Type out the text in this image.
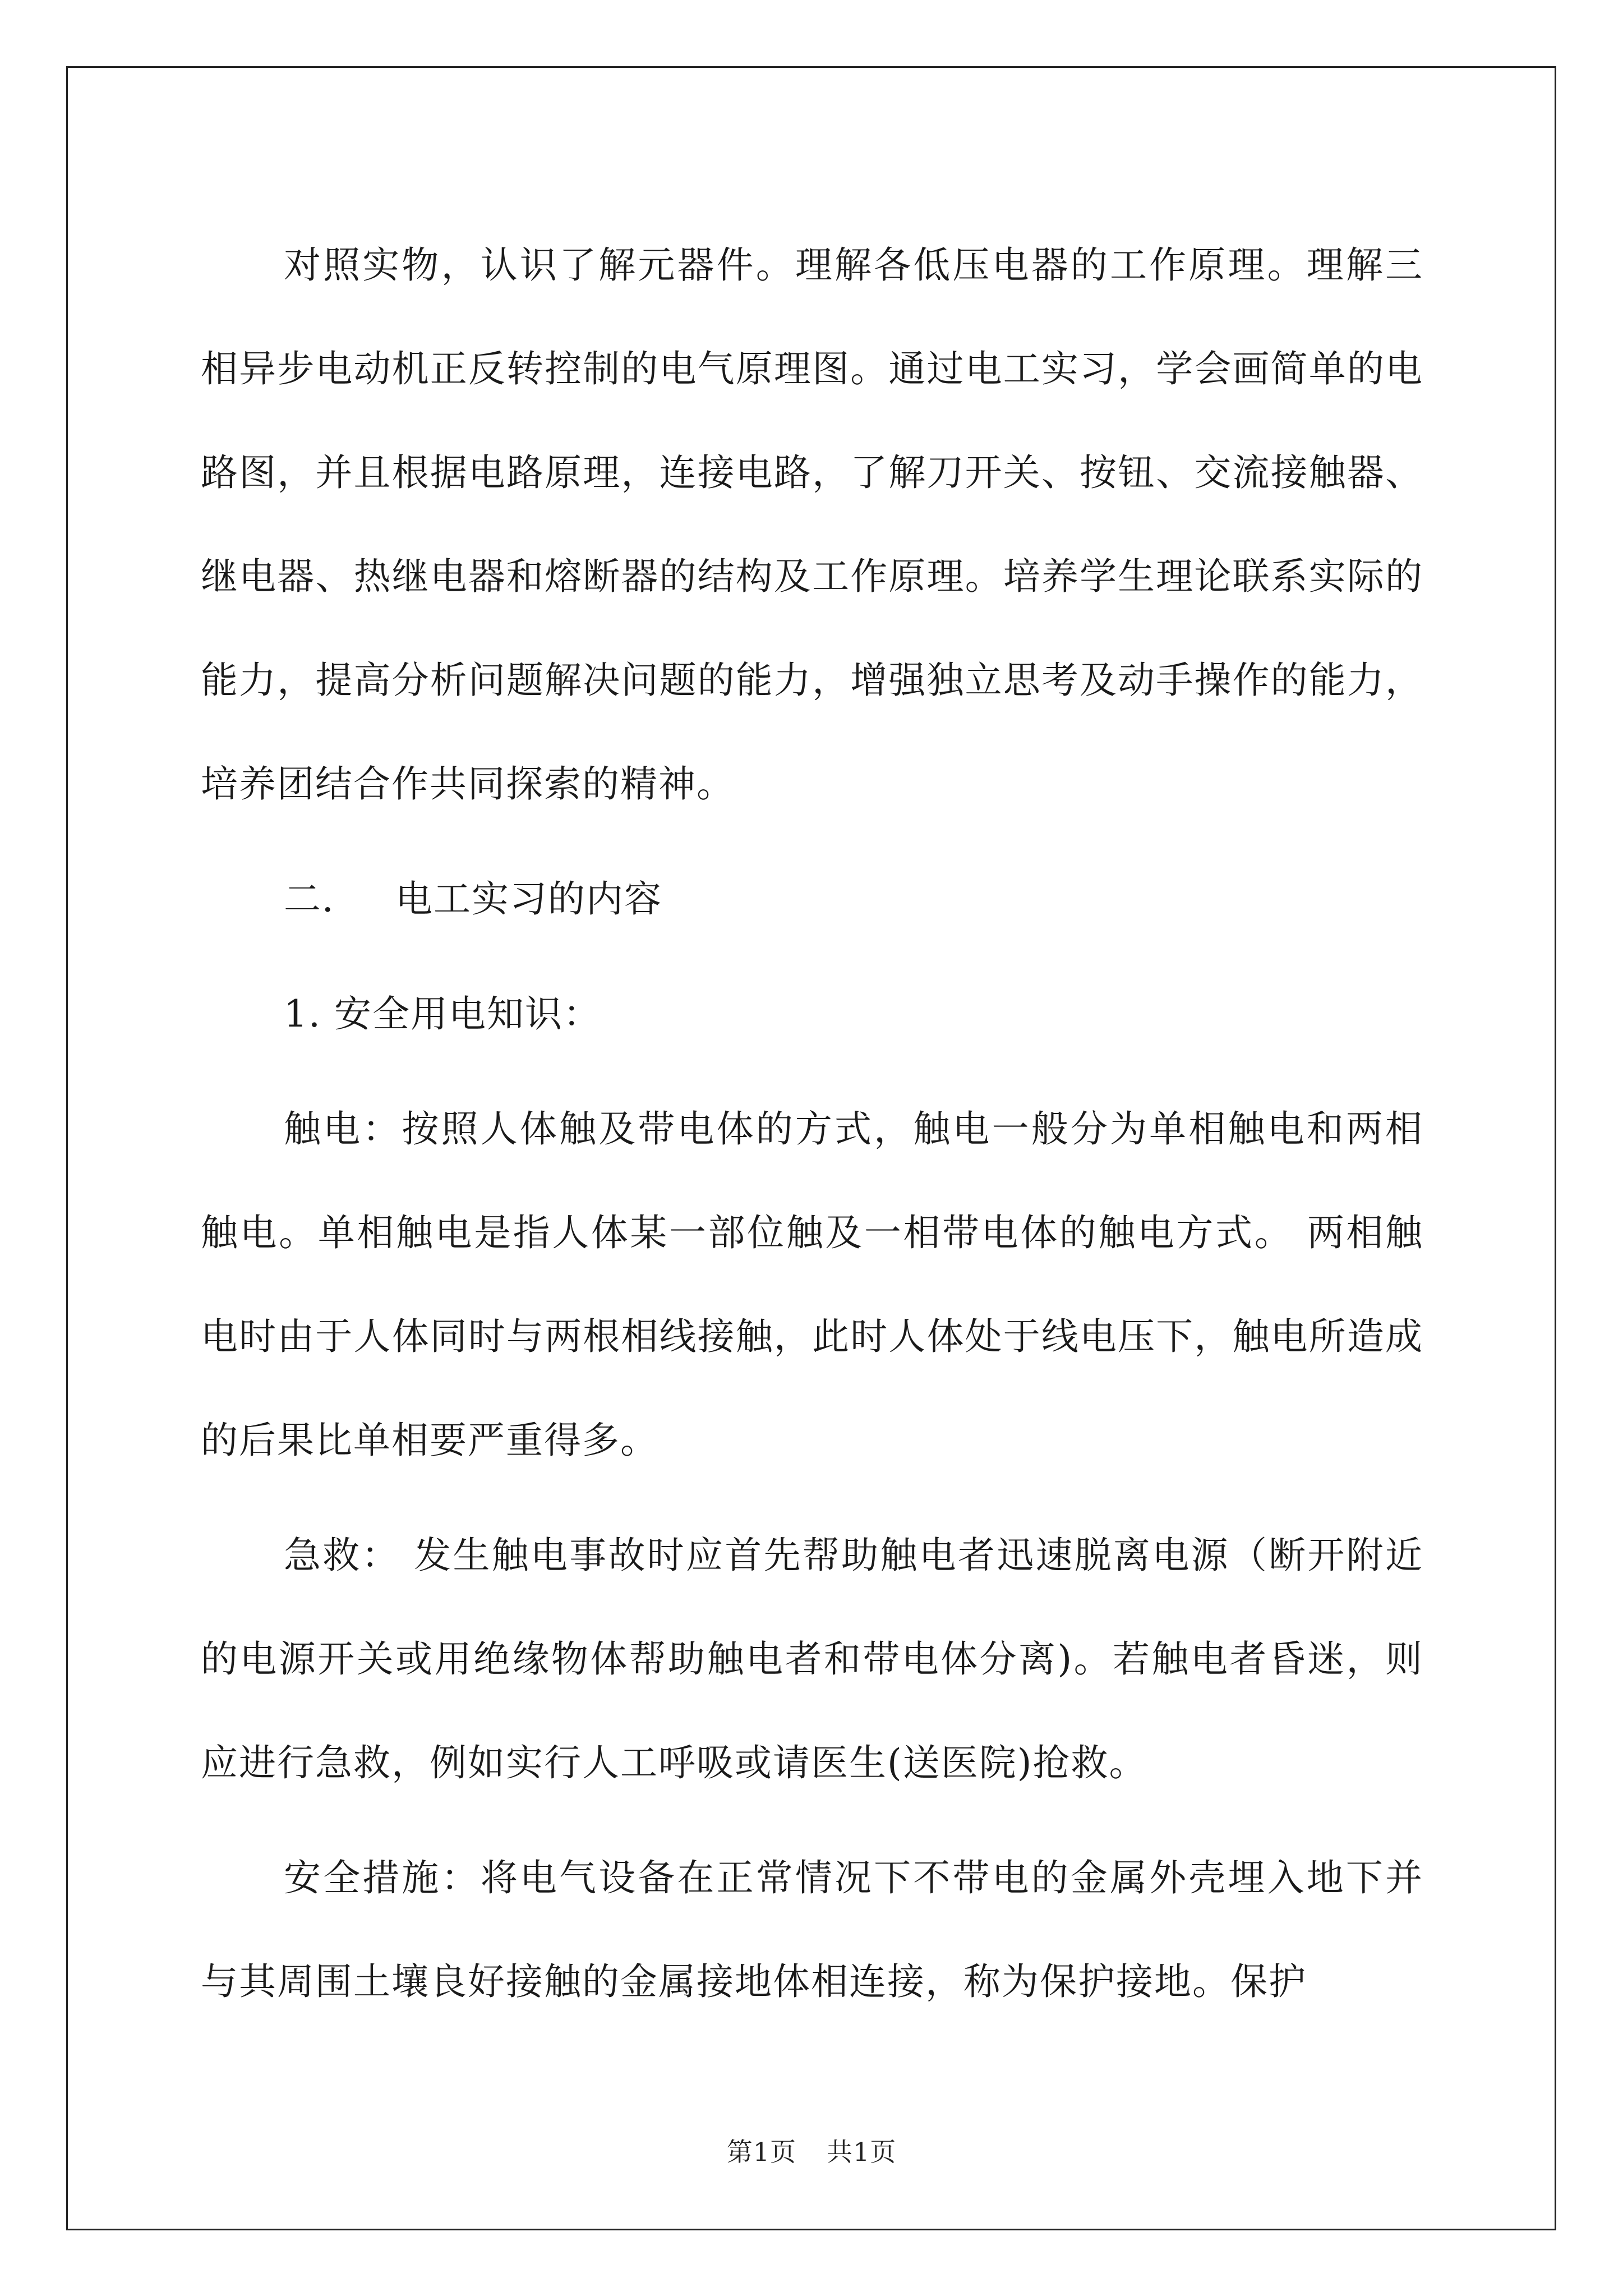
对照实物，认识了解元器件。理解各低压电器的工作原理。理解三相异步电动机正反转控制的电气原理图。通过电工实习，学会画简单的电路图，并且根据电路原理，连接电路，了解刀开关、按钮、交流接触器、继电器、热继电器和熔断器的结构及工作原理。培养学生理论联系实际的能力，提高分析问题解决问题的能力，增强独立思考及动手操作的能力，培养团结合作共同探索的精神。

二． 电工实习的内容

1. 安全用电知识：

触电：按照人体触及带电体的方式，触电一般分为单相触电和两相触电。单相触电是指人体某一部位触及一相带电体的触电方式。 两相触电时由于人体同时与两根相线接触，此时人体处于线电压下，触电所造成的后果比单相要严重得多。

急救： 发生触电事故时应首先帮助触电者迅速脱离电源（断开附近的电源开关或用绝缘物体帮助触电者和带电体分离)。若触电者昏迷，则应进行急救，例如实行人工呼吸或请医生(送医院)抢救。

安全措施：将电气设备在正常情况下不带电的金属外壳埋入地下并与其周围土壤良好接触的金属接地体相连接，称为保护接地。保护

第1页 共1页
